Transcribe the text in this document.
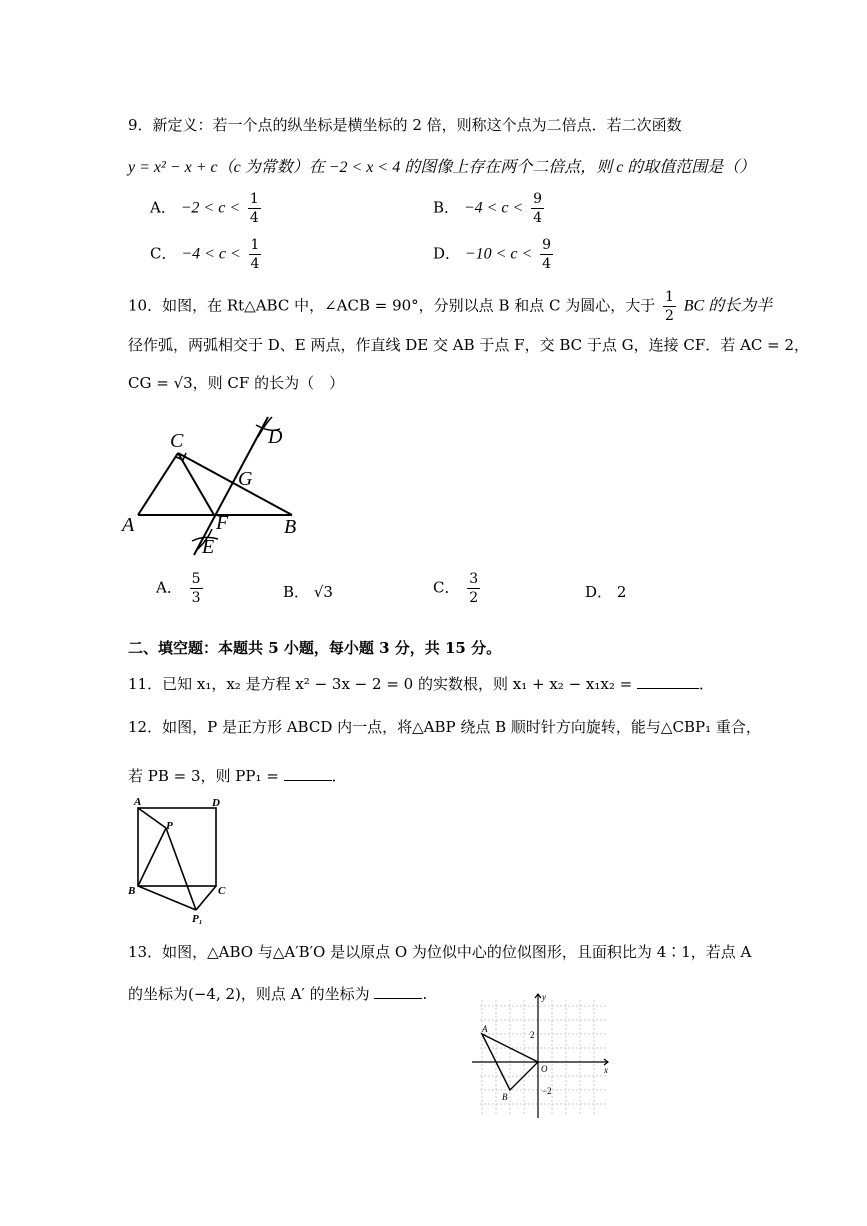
9．新定义：若一个点的纵坐标是横坐标的 2 倍，则称这个点为二倍点．若二次函数
y = x² − x + c（c 为常数）在 −2 < x < 4 的图像上存在两个二倍点，则 c 的取值范围是（）
A． $-2 < c < \frac{1}{4}$	B． $-4 < c < \frac{9}{4}$
C． $-4 < c < \frac{1}{4}$	D． $-10 < c < \frac{9}{4}$
10．如图，在 Rt△ABC 中，∠ACB = 90°，分别以点 B 和点 C 为圆心，大于 $\frac{1}{2}$ BC 的长为半
径作弧，两弧相交于 D、E 两点，作直线 DE 交 AB 于点 F，交 BC 于点 G，连接 CF．若 AC = 2，
CG = √3，则 CF 的长为（　）
A	B
C	D
E
F
G
A． $\frac{5}{3}$	B． √3	C． $\frac{3}{2}$	D． 2
二、填空题：本题共 5 小题，每小题 3 分，共 15 分。
11．已知 x₁，x₂ 是方程 x² − 3x − 2 = 0 的实数根，则 x₁ + x₂ − x₁x₂ =	．
12．如图，P 是正方形 ABCD 内一点，将△ABP 绕点 B 顺时针方向旋转，能与△CBP₁ 重合，
若 PB = 3，则 PP₁ =	．
A	D
B	C
P
P₁
13．如图，△ABO 与△A′B′O 是以原点 O 为位似中心的位似图形，且面积比为 4∶1，若点 A
的坐标为(−4, 2)，则点 A′ 的坐标为	.	y
x
O
A
B
2
−2
